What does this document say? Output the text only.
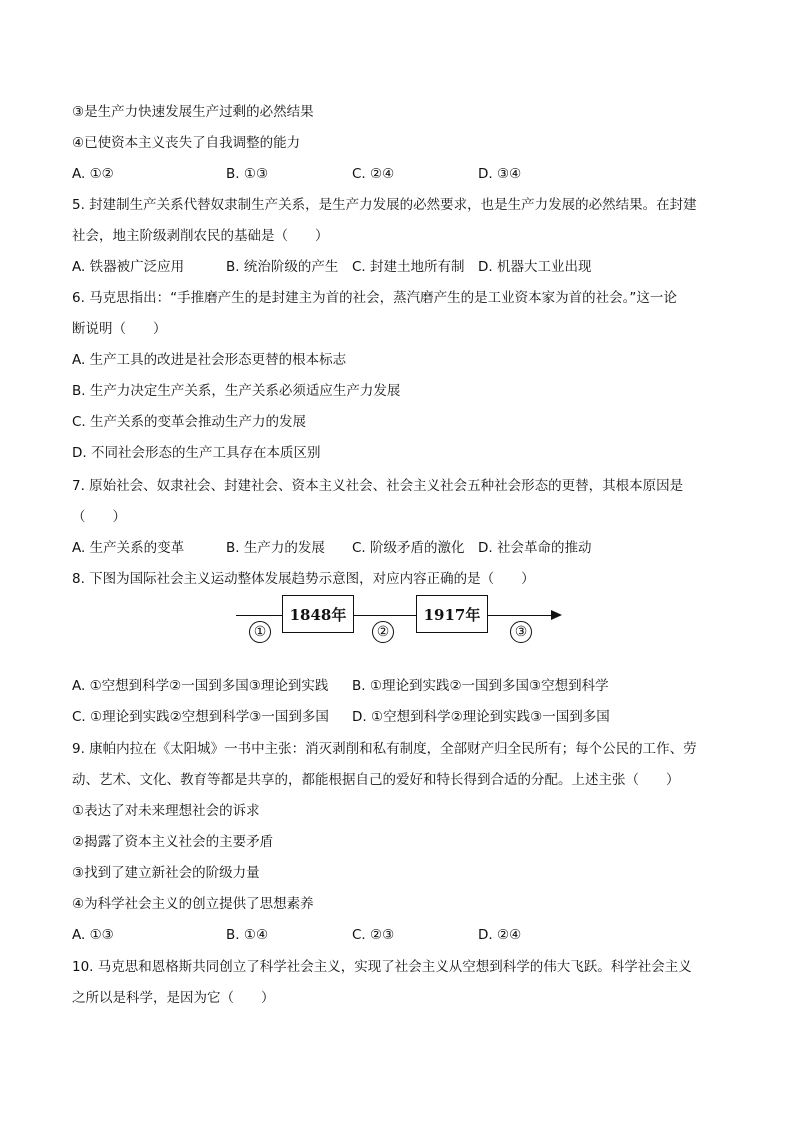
③是生产力快速发展生产过剩的必然结果
④已使资本主义丧失了自我调整的能力
A. ①②	B. ①③	C. ②④	D. ③④
5. 封建制生产关系代替奴隶制生产关系，是生产力发展的必然要求，也是生产力发展的必然结果。在封建
社会，地主阶级剥削农民的基础是（　　）
A. 铁器被广泛应用	B. 统治阶级的产生 C. 封建土地所有制 D. 机器大工业出现
6. 马克思指出：“手推磨产生的是封建主为首的社会，蒸汽磨产生的是工业资本家为首的社会。”这一论
断说明（　　）
A. 生产工具的改进是社会形态更替的根本标志
B. 生产力决定生产关系，生产关系必须适应生产力发展
C. 生产关系的变革会推动生产力的发展
D. 不同社会形态的生产工具存在本质区别
7. 原始社会、奴隶社会、封建社会、资本主义社会、社会主义社会五种社会形态的更替，其根本原因是
（　　）
A. 生产关系的变革	B. 生产力的发展 C. 阶级矛盾的激化 D. 社会革命的推动
8. 下图为国际社会主义运动整体发展趋势示意图，对应内容正确的是（　　）
1848年	1917年
①	②	③
A. ①空想到科学②一国到多国③理论到实践 B. ①理论到实践②一国到多国③空想到科学
C. ①理论到实践②空想到科学③一国到多国 D. ①空想到科学②理论到实践③一国到多国
9. 康帕内拉在《太阳城》一书中主张：消灭剥削和私有制度，全部财产归全民所有；每个公民的工作、劳
动、艺术、文化、教育等都是共享的，都能根据自己的爱好和特长得到合适的分配。上述主张（　　）
①表达了对未来理想社会的诉求
②揭露了资本主义社会的主要矛盾
③找到了建立新社会的阶级力量
④为科学社会主义的创立提供了思想素养
A. ①③	B. ①④	C. ②③	D. ②④
10. 马克思和恩格斯共同创立了科学社会主义，实现了社会主义从空想到科学的伟大飞跃。科学社会主义
之所以是科学，是因为它（　　）
